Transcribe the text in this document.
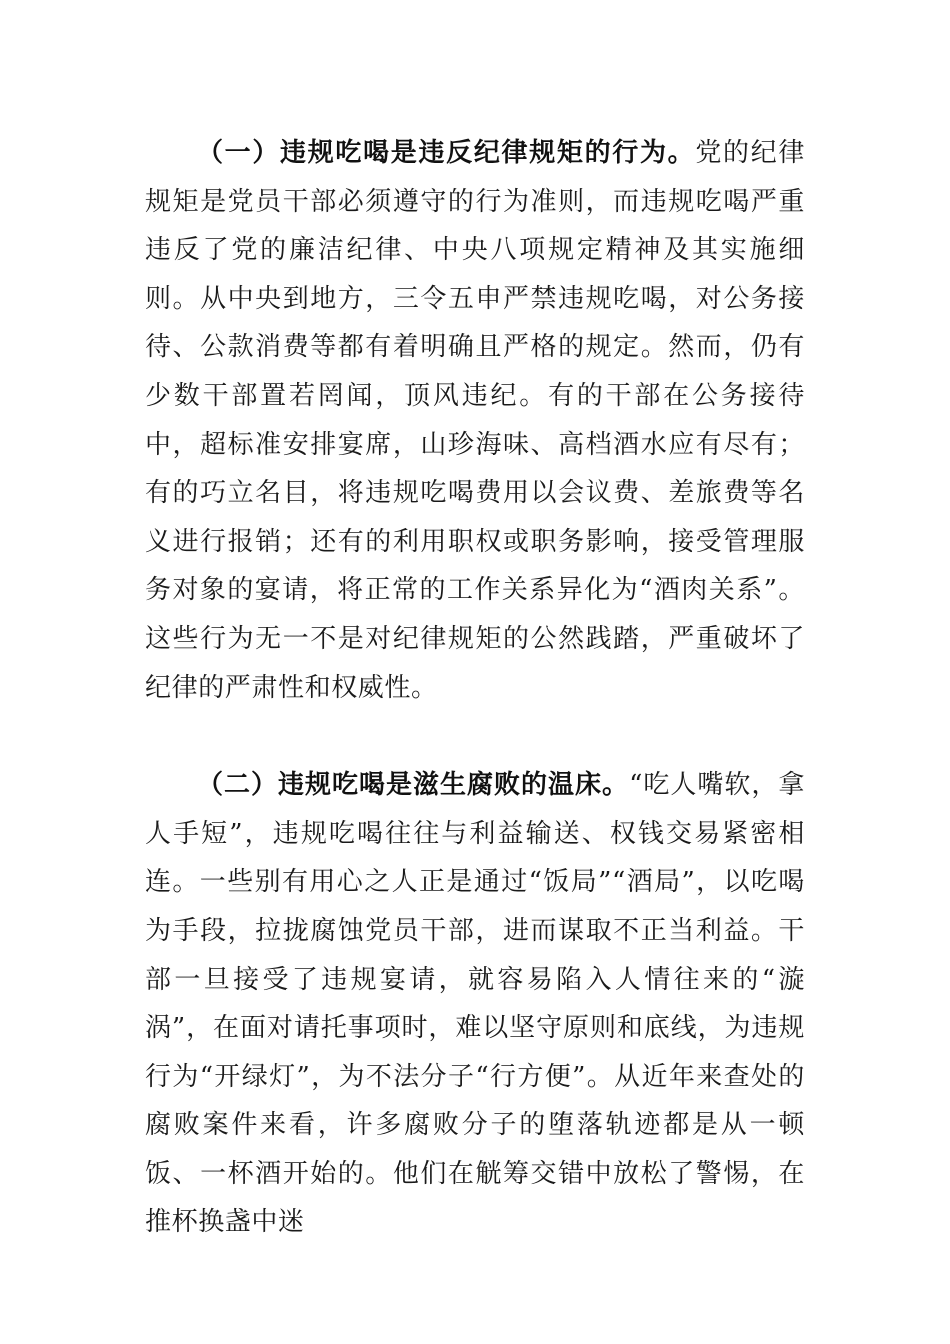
（一）违规吃喝是违反纪律规矩的行为。党的纪律规矩是党员干部必须遵守的行为准则，而违规吃喝严重违反了党的廉洁纪律、中央八项规定精神及其实施细则。从中央到地方，三令五申严禁违规吃喝，对公务接待、公款消费等都有着明确且严格的规定。然而，仍有少数干部置若罔闻，顶风违纪。有的干部在公务接待中，超标准安排宴席，山珍海味、高档酒水应有尽有；有的巧立名目，将违规吃喝费用以会议费、差旅费等名义进行报销；还有的利用职权或职务影响，接受管理服务对象的宴请，将正常的工作关系异化为“酒肉关系”。这些行为无一不是对纪律规矩的公然践踏，严重破坏了纪律的严肃性和权威性。

（二）违规吃喝是滋生腐败的温床。“吃人嘴软，拿人手短”，违规吃喝往往与利益输送、权钱交易紧密相连。一些别有用心之人正是通过“饭局”“酒局”，以吃喝为手段，拉拢腐蚀党员干部，进而谋取不正当利益。干部一旦接受了违规宴请，就容易陷入人情往来的“漩涡”，在面对请托事项时，难以坚守原则和底线，为违规行为“开绿灯”，为不法分子“行方便”。从近年来查处的腐败案件来看，许多腐败分子的堕落轨迹都是从一顿饭、一杯酒开始的。他们在觥筹交错中放松了警惕，在推杯换盏中迷
